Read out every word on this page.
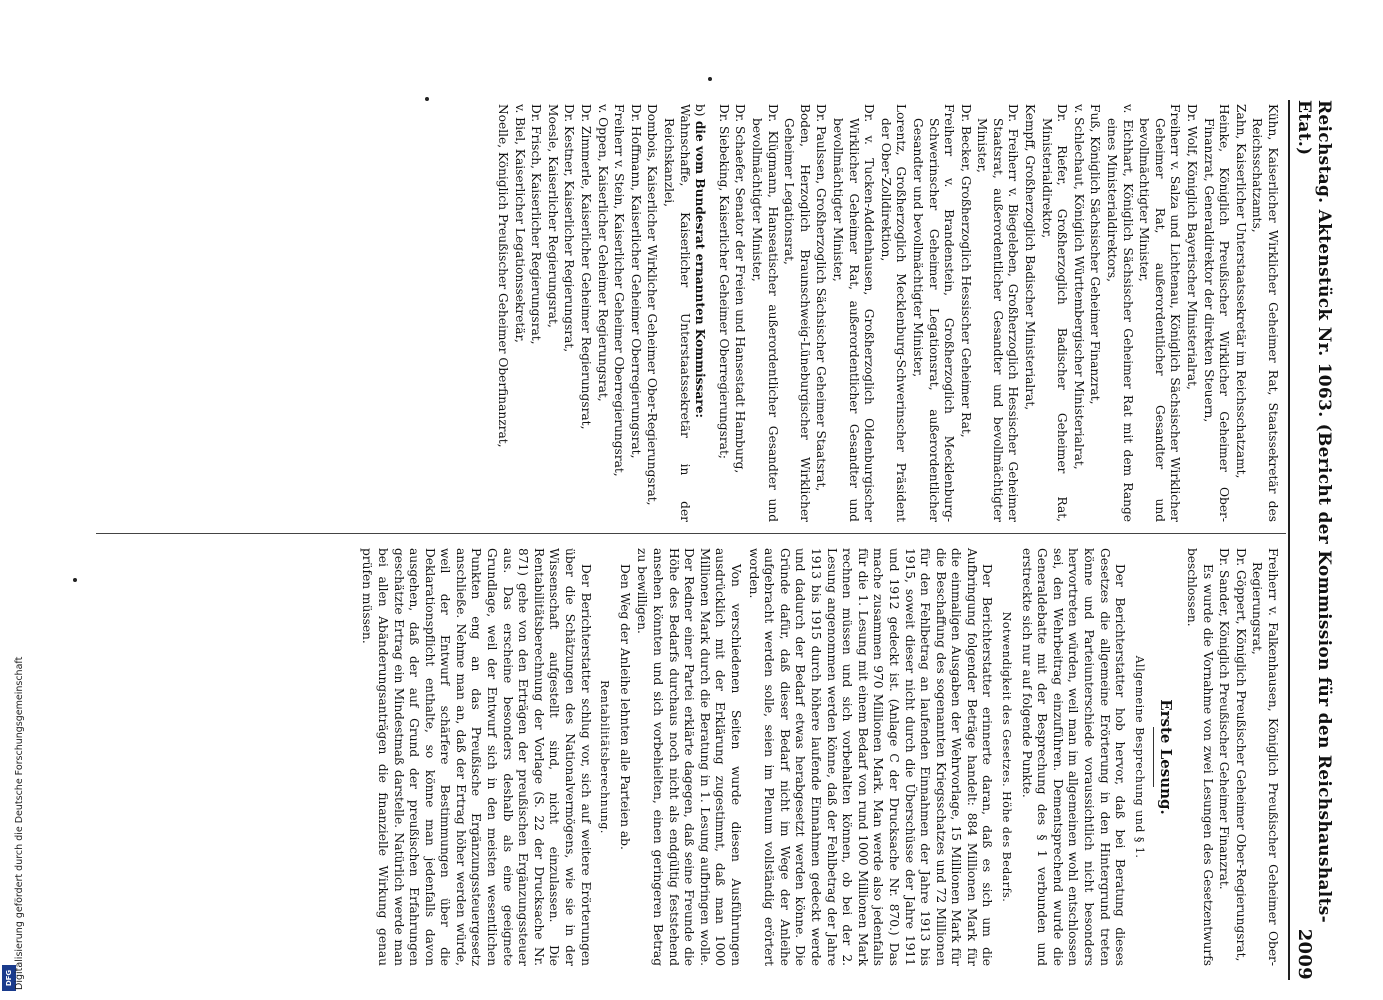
Reichstag. Aktenstück Nr. 1063. (Bericht der Kommission für den Reichshaushalts-Etat.)
2009
Kühn, Kaiserlicher Wirklicher Geheimer Rat, Staatssekretär des Reichsschatzamts,
Zahn, Kaiserlicher Unterstaatssekretär im Reichsschatzamt,
Heinke, Königlich Preußischer Wirklicher Geheimer Ober-Finanzrat, Generaldirektor der direkten Steuern,
Dr. Wolf, Königlich Bayerischer Ministerialrat,
Freiherr v. Salza und Lichtenau, Königlich Sächsischer Wirklicher Geheimer Rat, außerordentlicher Gesandter und bevollmächtigter Minister,
v. Eichhart, Königlich Sächsischer Geheimer Rat mit dem Range eines Ministerialdirektors,
Fuß, Königlich Sächsischer Geheimer Finanzrat,
v. Schlechaut, Königlich Württembergischer Ministerialrat,
Dr. Riefer, Großherzoglich Badischer Geheimer Rat, Ministerialdirektor,
Kempff, Großherzoglich Badischer Ministerialrat,
Dr. Freiherr v. Biegeleben, Großherzoglich Hessischer Geheimer Staatsrat, außerordentlicher Gesandter und bevollmächtigter Minister,
Dr. Becker, Großherzoglich Hessischer Geheimer Rat,
Freiherr v. Brandenstein, Großherzoglich Mecklenburg-Schwerinscher Geheimer Legationsrat, außerordentlicher Gesandter und bevollmächtigter Minister,
Lorentz, Großherzoglich Mecklenburg-Schwerinscher Präsident der Ober-Zolldirektion,
Dr. v. Tucken-Addenhausen, Großherzoglich Oldenburgischer Wirklicher Geheimer Rat, außerordentlicher Gesandter und bevollmächtigter Minister,
Dr. Paulssen, Großherzoglich Sächsischer Geheimer Staatsrat,
Boden, Herzoglich Braunschweig-Lüneburgischer Wirklicher Geheimer Legationsrat,
Dr. Klügmann, Hanseatischer außerordentlicher Gesandter und bevollmächtigter Minister,
Dr. Schaefer, Senator der Freien und Hansestadt Hamburg,
Dr. Siebeking, Kaiserlicher Geheimer Oberregierungsrat;
b) die vom Bundesrat ernannten Kommissare:
Wahnschaffe, Kaiserlicher Unterstaatssekretär in der Reichskanzlei,
Dombois, Kaiserlicher Wirklicher Geheimer Ober-Regierungsrat,
Dr. Hoffmann, Kaiserlicher Geheimer Oberregierungsrat,
Freiherr v. Stein, Kaiserlicher Geheimer Oberregierungsrat,
v. Oppen, Kaiserlicher Geheimer Regierungsrat,
Dr. Zimmerle, Kaiserlicher Geheimer Regierungsrat,
Dr. Kestner, Kaiserlicher Regierungsrat,
Moesle, Kaiserlicher Regierungsrat,
Dr. Frisch, Kaiserlicher Regierungsrat,
v. Biel, Kaiserlicher Legationssekretär,
Noelle, Königlich Preußischer Geheimer Oberfinanzrat,
Freiherr v. Falkenhausen, Königlich Preußischer Geheimer Ober-Regierungsrat,
Dr. Göppert, Königlich Preußischer Geheimer Ober-Regierungsrat,
Dr. Sander, Königlich Preußischer Geheimer Finanzrat.

Es wurde die Vornahme von zwei Lesungen des Gesetzentwurfs beschlossen.

Erste Lesung.
Allgemeine Besprechung und § 1.

Der Berichterstatter hob hervor, daß bei Beratung dieses Gesetzes die allgemeine Erörterung in den Hintergrund treten könne und Parteiunterschiede voraussichtlich nicht besonders hervortreten würden, weil man im allgemeinen wohl entschlossen sei, den Wehrbeitrag einzuführen. Dementsprechend wurde die Generaldebatte mit der Besprechung des § 1 verbunden und erstreckte sich nur auf folgende Punkte.

Notwendigkeit des Gesetzes. Höhe des Bedarfs.

Der Berichterstatter erinnerte daran, daß es sich um die Aufbringung folgender Beträge handelt: 884 Millionen Mark für die einmaligen Ausgaben der Wehrvorlage, 15 Millionen Mark für die Beschaffung des sogenannten Kriegsschatzes und 72 Millionen für den Fehlbetrag an laufenden Einnahmen der Jahre 1913 bis 1915, soweit dieser nicht durch die Überschüsse der Jahre 1911 und 1912 gedeckt ist. (Anlage C der Drucksache Nr. 870.) Das mache zusammen 970 Millionen Mark. Man werde also jedenfalls für die 1. Lesung mit einem Bedarf von rund 1000 Millionen Mark rechnen müssen und sich vorbehalten können, ob bei der 2. Lesung angenommen werden könne, daß der Fehlbetrag der Jahre 1913 bis 1915 durch höhere laufende Einnahmen gedeckt werde und dadurch der Bedarf etwas herabgesetzt werden könne. Die Gründe dafür, daß dieser Bedarf nicht im Wege der Anleihe aufgebracht werden solle, seien im Plenum vollständig erörtert worden.

Von verschiedenen Seiten wurde diesen Ausführungen ausdrücklich mit der Erklärung zugestimmt, daß man 1000 Millionen Mark durch die Beratung in 1. Lesung aufbringen wolle. Der Redner einer Partei erklärte dagegen, daß seine Freunde die Höhe des Bedarfs durchaus noch nicht als endgültig feststehend ansehen könnten und sich vorbehielten, einen geringeren Betrag zu bewilligen.

Den Weg der Anleihe lehnten alle Parteien ab.

Rentabilitätsberechnung.

Der Berichterstatter schlug vor, sich auf weitere Erörterungen über die Schätzungen des Nationalvermögens, wie sie in der Wissenschaft aufgestellt sind, nicht einzulassen. Die Rentabilitätsberechnung der Vorlage (S. 22 der Drucksache Nr. 871) gehe von den Erträgen der preußischen Ergänzungssteuer aus. Das erscheine besonders deshalb als eine geeignete Grundlage, weil der Entwurf sich in den meisten wesentlichen Punkten eng an das Preußische Ergänzungssteuergesetz anschließe. Nehme man an, daß der Ertrag höher werden würde, weil der Entwurf schärfere Bestimmungen über die Deklarationspflicht enthalte, so könne man jedenfalls davon ausgehen, daß der auf Grund der preußischen Erfahrungen geschätzte Ertrag ein Mindestmaß darstelle. Natürlich werde man bei allen Abänderungsanträgen die finanzielle Wirkung genau prüfen müssen.

DFG Digitalisierung gefördert durch die Deutsche Forschungsgemeinschaft
